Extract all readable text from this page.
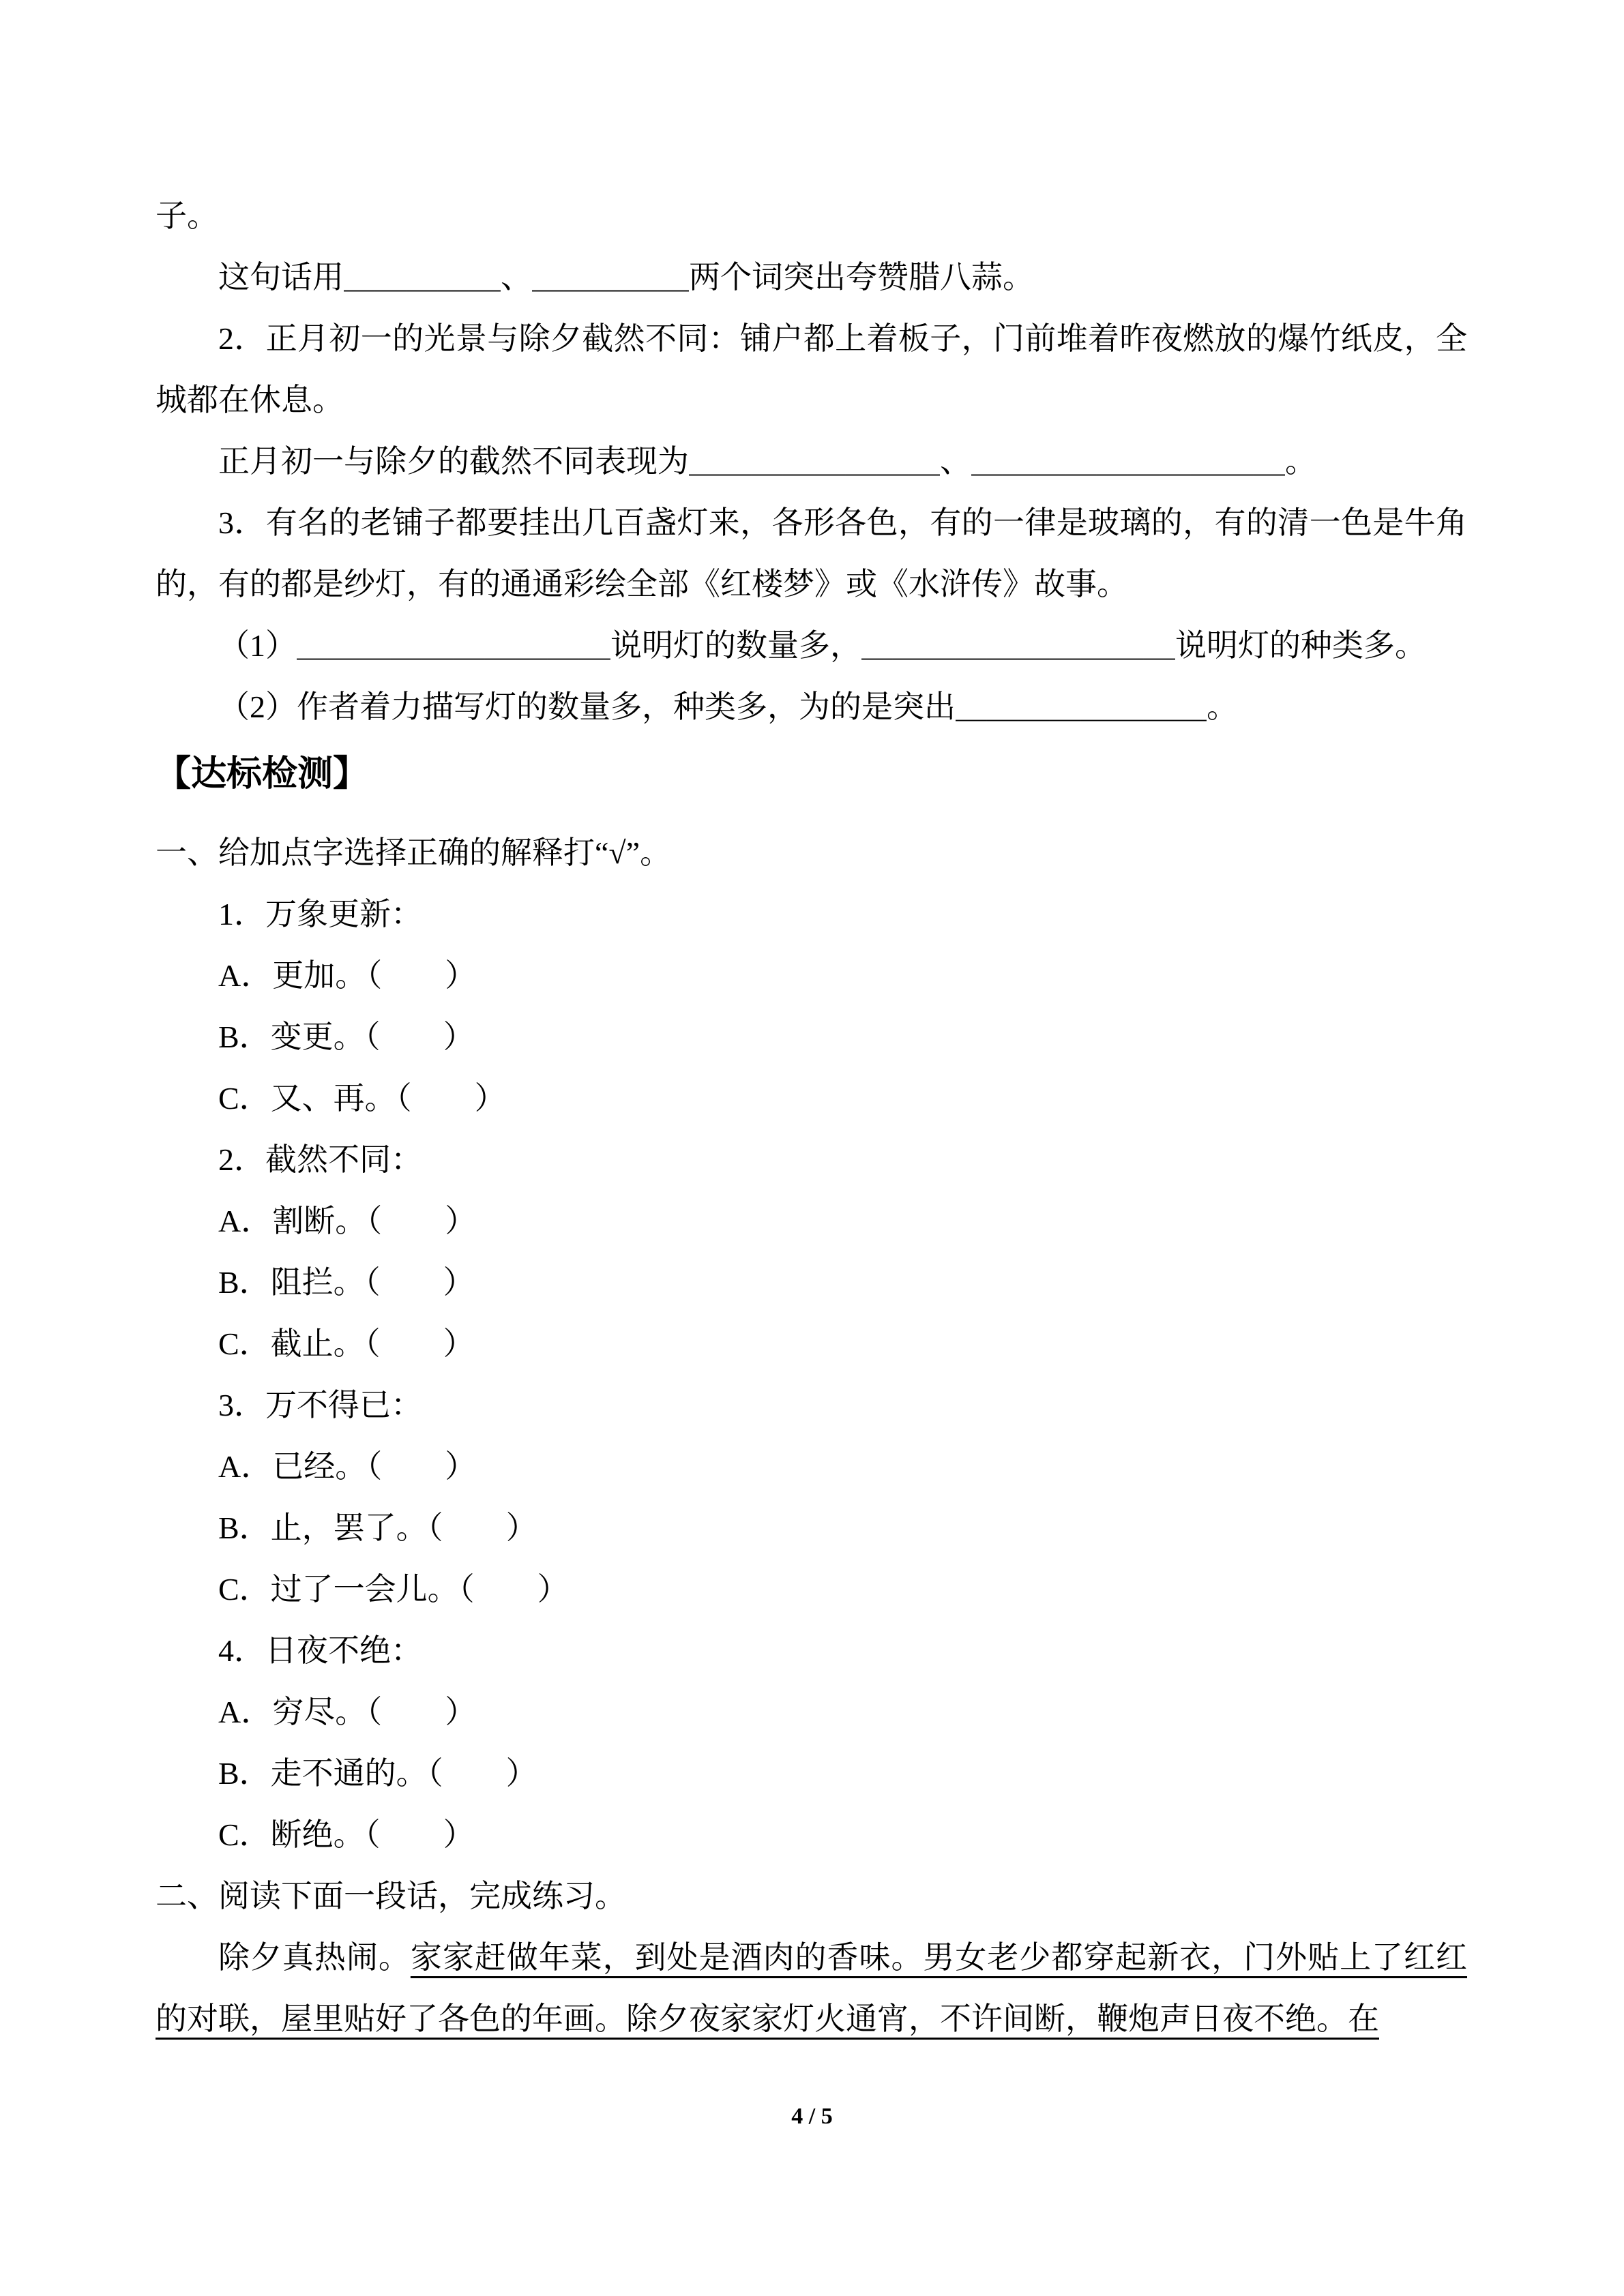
子。

这句话用＿＿＿＿＿、＿＿＿＿＿两个词突出夸赞腊八蒜。

2．正月初一的光景与除夕截然不同：铺户都上着板子，门前堆着昨夜燃放的爆竹纸皮，全城都在休息。

正月初一与除夕的截然不同表现为＿＿＿＿＿＿＿＿、＿＿＿＿＿＿＿＿＿＿。

3．有名的老铺子都要挂出几百盏灯来，各形各色，有的一律是玻璃的，有的清一色是牛角的，有的都是纱灯，有的通通彩绘全部《红楼梦》或《水浒传》故事。

（1）＿＿＿＿＿＿＿＿＿＿说明灯的数量多，＿＿＿＿＿＿＿＿＿＿说明灯的种类多。

（2）作者着力描写灯的数量多，种类多，为的是突出＿＿＿＿＿＿＿＿。

【达标检测】

一、给加点字选择正确的解释打“√”。

1．万象更新：

A．更加。（　　）

B．变更。（　　）

C．又、再。（　　）

2．截然不同：

A．割断。（　　）

B．阻拦。（　　）

C．截止。（　　）

3．万不得已：

A．已经。（　　）

B．止，罢了。（　　）

C．过了一会儿。（　　）

4．日夜不绝：

A．穷尽。（　　）

B．走不通的。（　　）

C．断绝。（　　）

二、阅读下面一段话，完成练习。

除夕真热闹。家家赶做年菜，到处是酒肉的香味。男女老少都穿起新衣，门外贴上了红红的对联，屋里贴好了各色的年画。除夕夜家家灯火通宵，不许间断，鞭炮声日夜不绝。在

4 / 5
